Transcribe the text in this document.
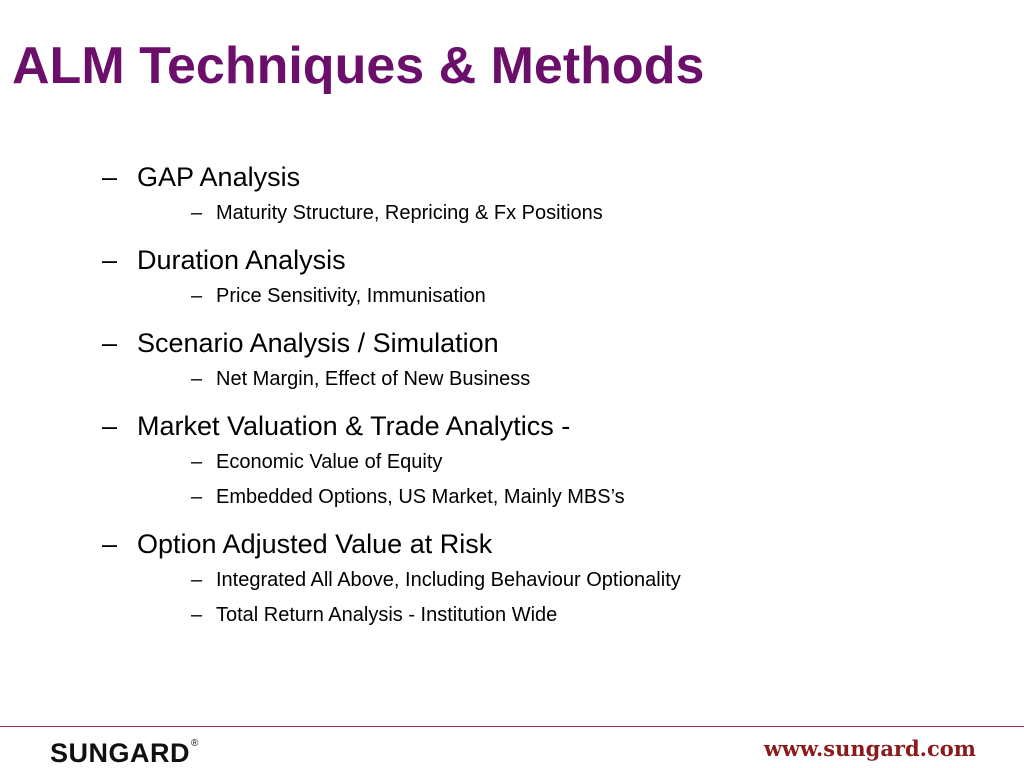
ALM Techniques & Methods
– GAP Analysis
– Maturity Structure, Repricing & Fx Positions
– Duration Analysis
– Price Sensitivity, Immunisation
– Scenario Analysis / Simulation
– Net Margin, Effect of New Business
– Market Valuation & Trade Analytics -
– Economic Value of Equity
– Embedded Options, US Market, Mainly MBS’s
– Option Adjusted Value at Risk
– Integrated All Above, Including Behaviour Optionality
– Total Return Analysis - Institution Wide
SUNGARD®	www.sungard.com
